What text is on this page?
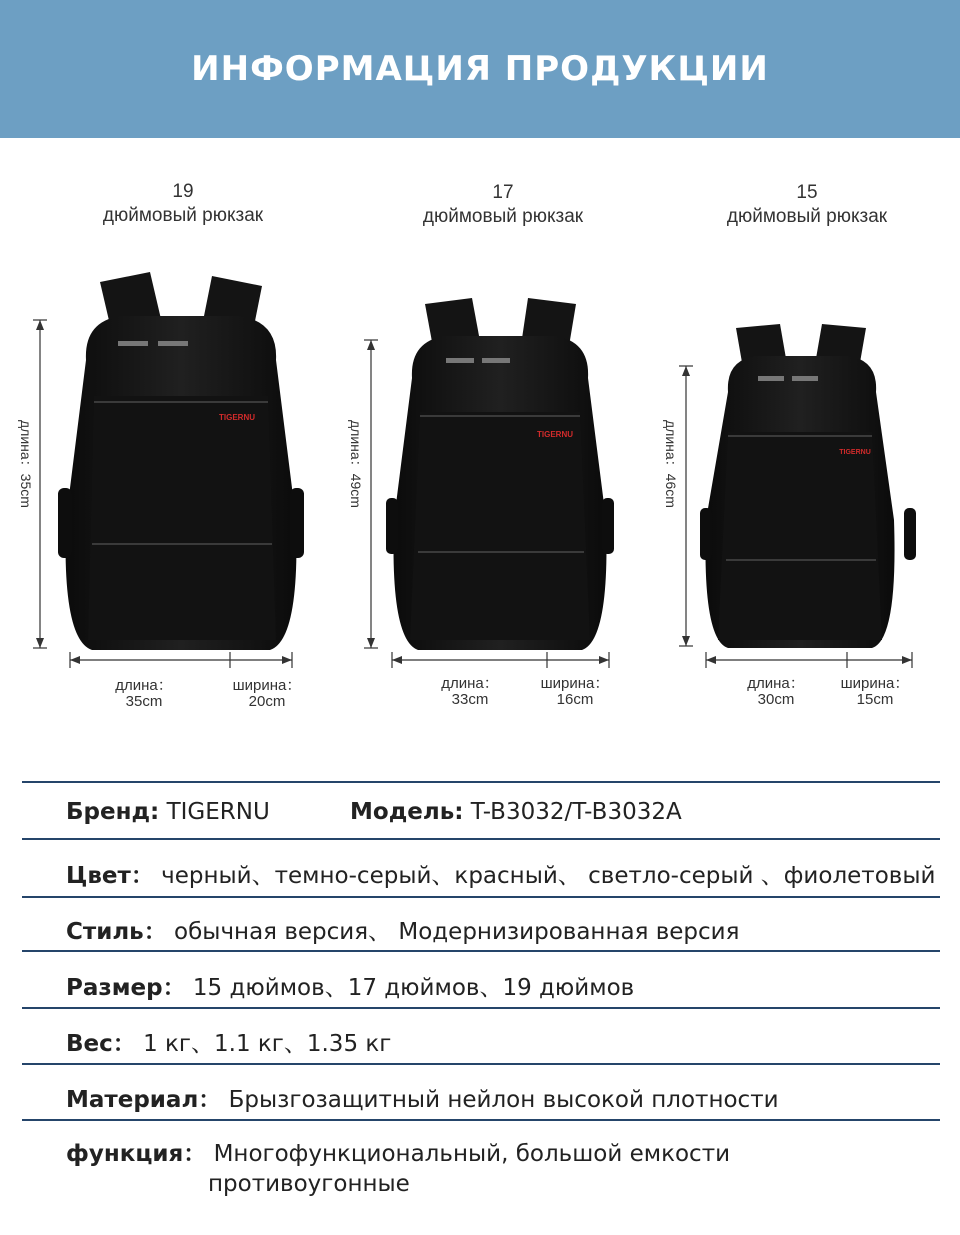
ИНФОРМАЦИЯ ПРОДУКЦИИ
19
дюймовый рюкзак
17
дюймовый рюкзак
15
дюймовый рюкзак
TIGERNU
TIGERNU
TIGERNU
длина：35cm	длина：49cm	длина：46cm
длина：
35cm
ширина：
20cm
длина：
33cm
ширина：
16cm
длина：
30cm
ширина：
15cm
Бренд: TIGERNU	Модель: T-B3032/T-B3032A
Цвет： черный、темно-серый、красный、 светло-серый 、фиолетовый
Стиль： обычная версия、 Модернизированная версия
Размер： 15 дюймов、17 дюймов、19 дюймов
Вес： 1 кг、1.1 кг、1.35 кг
Материал： Брызгозащитный нейлон высокой плотности
функция： Многофункциональный, большой емкости
противоугонные
